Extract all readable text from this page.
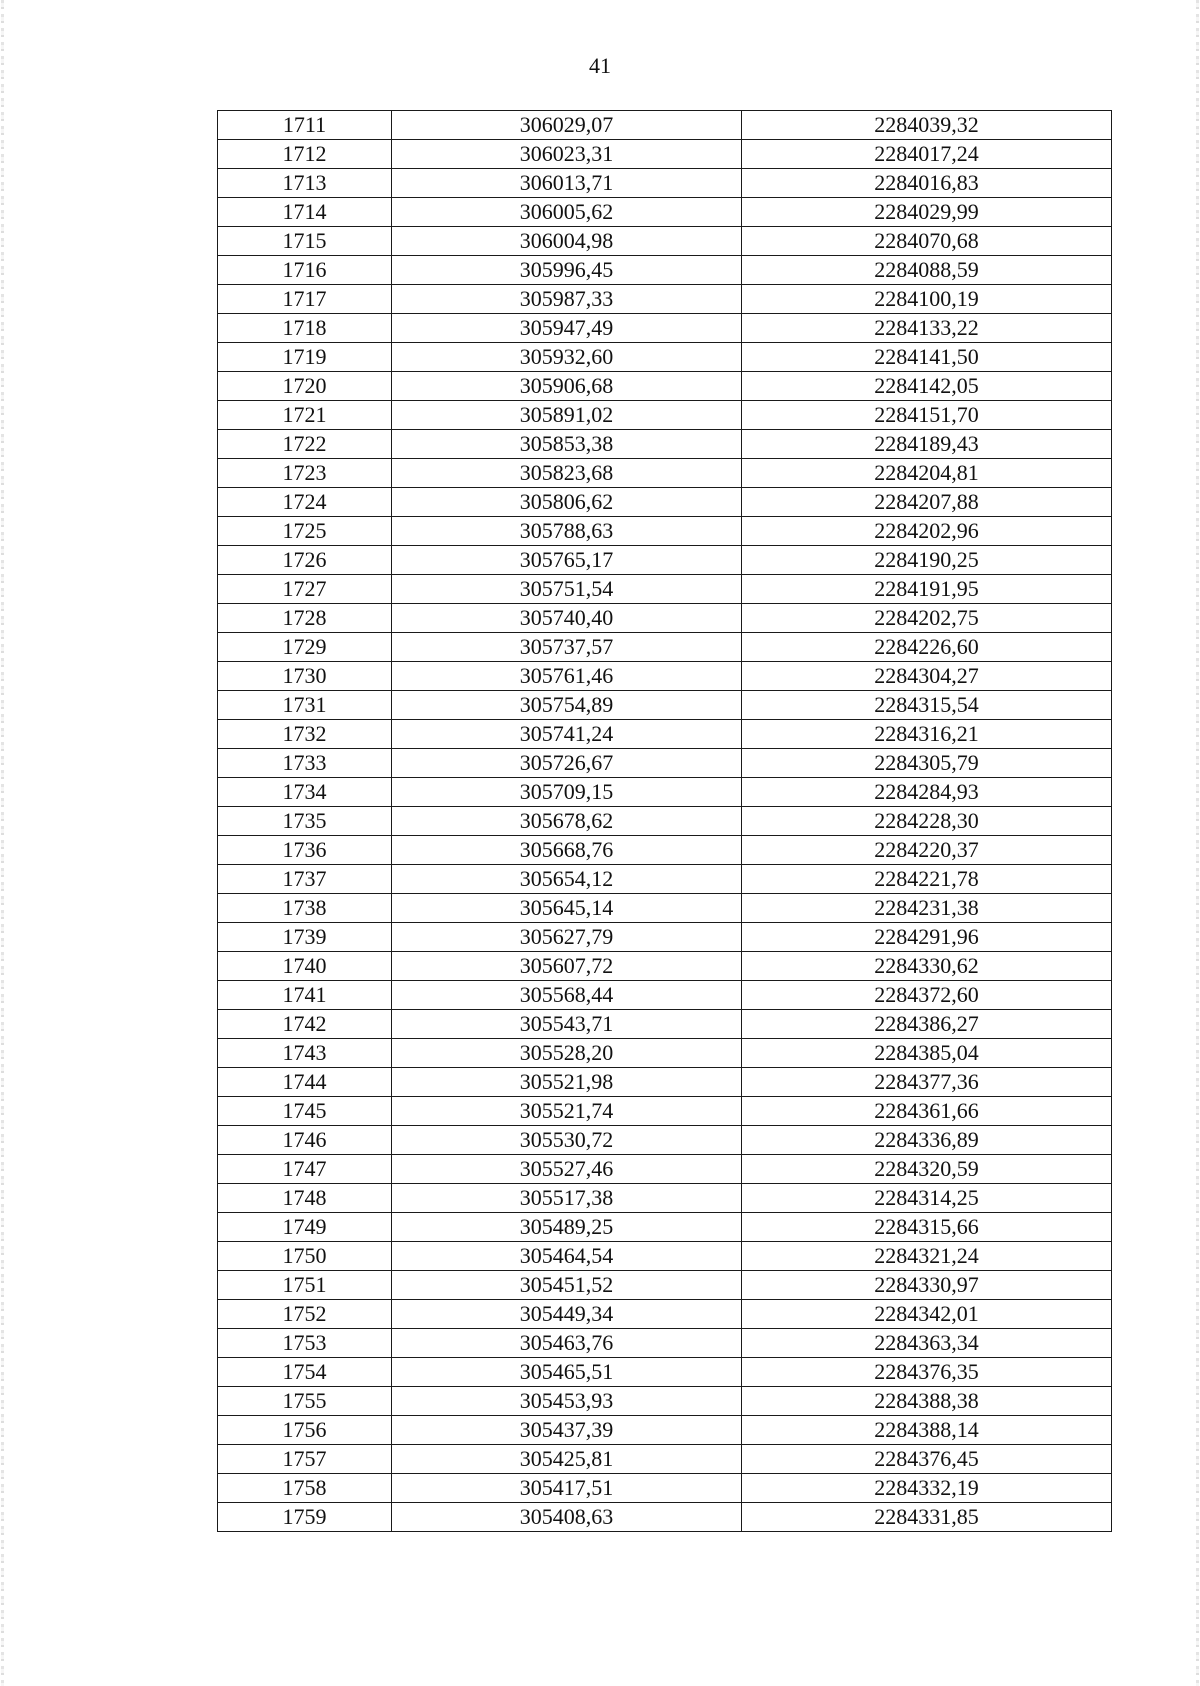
41
1711	306029,07	2284039,32
1712	306023,31	2284017,24
1713	306013,71	2284016,83
1714	306005,62	2284029,99
1715	306004,98	2284070,68
1716	305996,45	2284088,59
1717	305987,33	2284100,19
1718	305947,49	2284133,22
1719	305932,60	2284141,50
1720	305906,68	2284142,05
1721	305891,02	2284151,70
1722	305853,38	2284189,43
1723	305823,68	2284204,81
1724	305806,62	2284207,88
1725	305788,63	2284202,96
1726	305765,17	2284190,25
1727	305751,54	2284191,95
1728	305740,40	2284202,75
1729	305737,57	2284226,60
1730	305761,46	2284304,27
1731	305754,89	2284315,54
1732	305741,24	2284316,21
1733	305726,67	2284305,79
1734	305709,15	2284284,93
1735	305678,62	2284228,30
1736	305668,76	2284220,37
1737	305654,12	2284221,78
1738	305645,14	2284231,38
1739	305627,79	2284291,96
1740	305607,72	2284330,62
1741	305568,44	2284372,60
1742	305543,71	2284386,27
1743	305528,20	2284385,04
1744	305521,98	2284377,36
1745	305521,74	2284361,66
1746	305530,72	2284336,89
1747	305527,46	2284320,59
1748	305517,38	2284314,25
1749	305489,25	2284315,66
1750	305464,54	2284321,24
1751	305451,52	2284330,97
1752	305449,34	2284342,01
1753	305463,76	2284363,34
1754	305465,51	2284376,35
1755	305453,93	2284388,38
1756	305437,39	2284388,14
1757	305425,81	2284376,45
1758	305417,51	2284332,19
1759	305408,63	2284331,85
